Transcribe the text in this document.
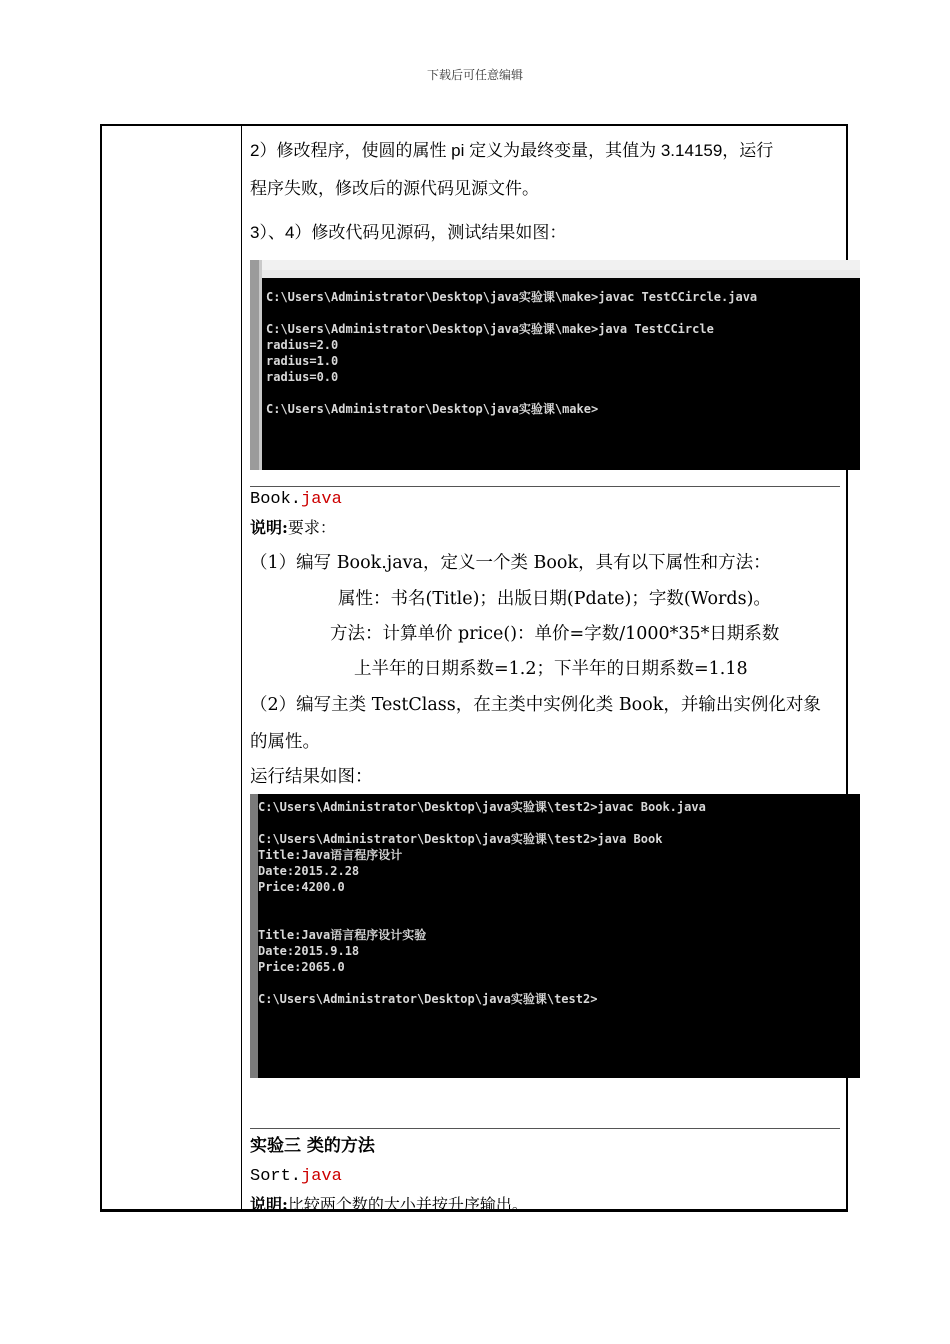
下载后可任意编辑
2）修改程序，使圆的属性 pi 定义为最终变量，其值为 3.14159，运行
程序失败，修改后的源代码见源文件。
3）、4）修改代码见源码，测试结果如图：
C:\Users\Administrator\Desktop\java实验课\make>javac TestCCircle.java
C:\Users\Administrator\Desktop\java实验课\make>java TestCCircle
radius=2.0
radius=1.0
radius=0.0
C:\Users\Administrator\Desktop\java实验课\make>
Book.java
说明:要求：
（1）编写 Book.java，定义一个类 Book，具有以下属性和方法：
属性：书名(Title)；出版日期(Pdate)；字数(Words)。
方法：计算单价 price()：单价=字数/1000*35*日期系数
上半年的日期系数=1.2；下半年的日期系数=1.18
（2）编写主类 TestClass，在主类中实例化类 Book，并输出实例化对象
的属性。
运行结果如图：
C:\Users\Administrator\Desktop\java实验课\test2>javac Book.java
C:\Users\Administrator\Desktop\java实验课\test2>java Book
Title:Java语言程序设计
Date:2015.2.28
Price:4200.0
Title:Java语言程序设计实验
Date:2015.9.18
Price:2065.0
C:\Users\Administrator\Desktop\java实验课\test2>
实验三 类的方法
Sort.java
说明:比较两个数的大小并按升序输出。
